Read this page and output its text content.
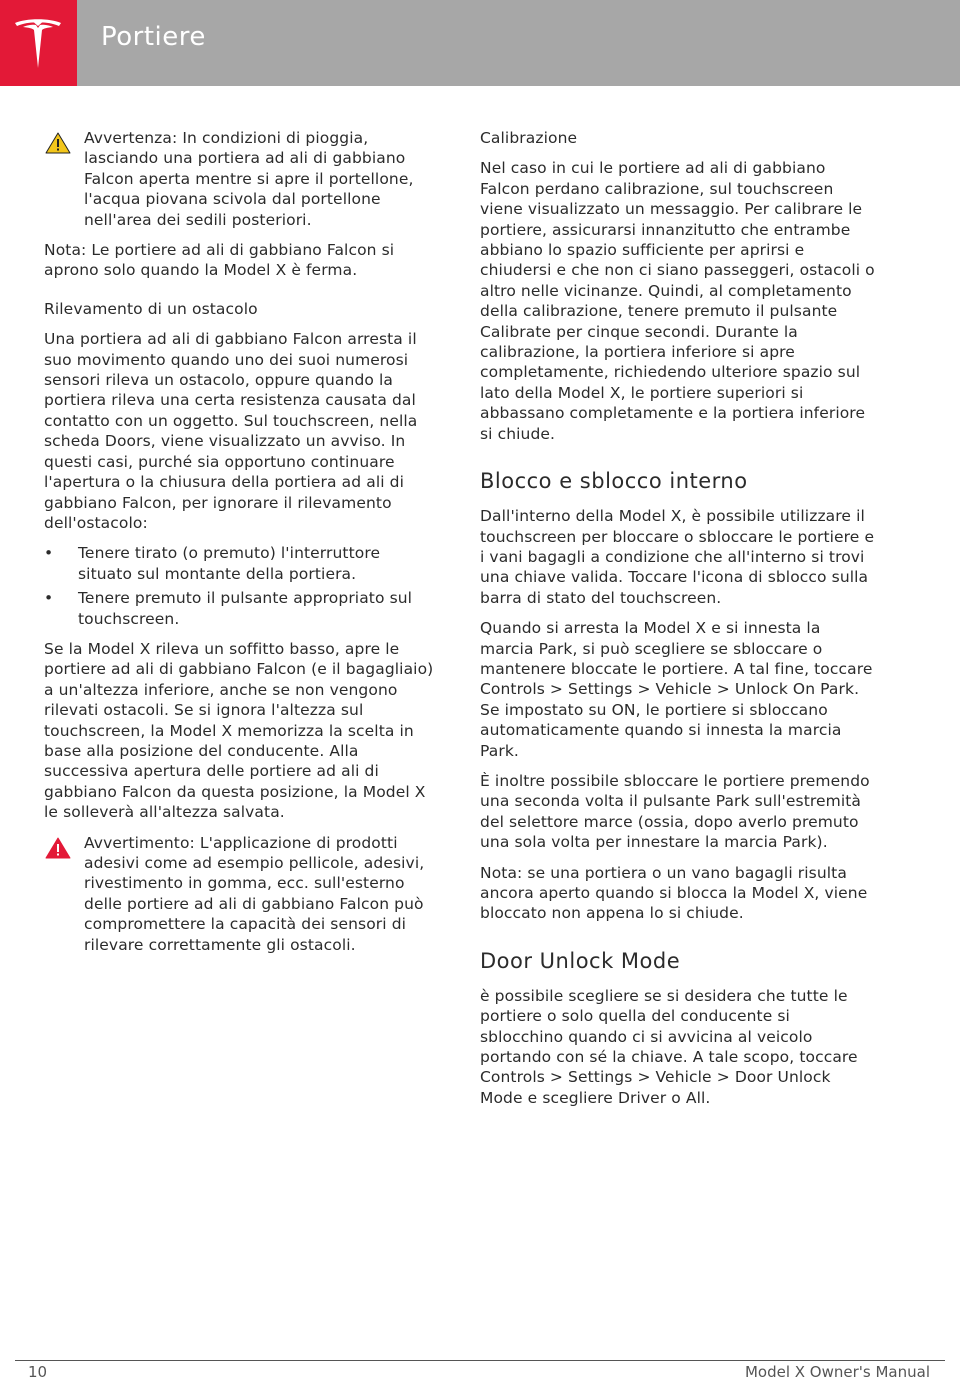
Portiere
Avvertenza: In condizioni di pioggia, lasciando una portiera ad ali di gabbiano Falcon aperta mentre si apre il portellone, l'acqua piovana scivola dal portellone nell'area dei sedili posteriori.

Nota: Le portiere ad ali di gabbiano Falcon si aprono solo quando la Model X è ferma.

Rilevamento di un ostacolo

Una portiera ad ali di gabbiano Falcon arresta il suo movimento quando uno dei suoi numerosi sensori rileva un ostacolo, oppure quando la portiera rileva una certa resistenza causata dal contatto con un oggetto. Sul touchscreen, nella scheda Doors, viene visualizzato un avviso. In questi casi, purché sia opportuno continuare l'apertura o la chiusura della portiera ad ali di gabbiano Falcon, per ignorare il rilevamento dell'ostacolo:

• Tenere tirato (o premuto) l'interruttore situato sul montante della portiera.
• Tenere premuto il pulsante appropriato sul touchscreen.

Se la Model X rileva un soffitto basso, apre le portiere ad ali di gabbiano Falcon (e il bagagliaio) a un'altezza inferiore, anche se non vengono rilevati ostacoli. Se si ignora l'altezza sul touchscreen, la Model X memorizza la scelta in base alla posizione del conducente. Alla successiva apertura delle portiere ad ali di gabbiano Falcon da questa posizione, la Model X le solleverà all'altezza salvata.

Avvertimento: L'applicazione di prodotti adesivi come ad esempio pellicole, adesivi, rivestimento in gomma, ecc. sull'esterno delle portiere ad ali di gabbiano Falcon può compromettere la capacità dei sensori di rilevare correttamente gli ostacoli.
Calibrazione

Nel caso in cui le portiere ad ali di gabbiano Falcon perdano calibrazione, sul touchscreen viene visualizzato un messaggio. Per calibrare le portiere, assicurarsi innanzitutto che entrambe abbiano lo spazio sufficiente per aprirsi e chiudersi e che non ci siano passeggeri, ostacoli o altro nelle vicinanze. Quindi, al completamento della calibrazione, tenere premuto il pulsante Calibrate per cinque secondi. Durante la calibrazione, la portiera inferiore si apre completamente, richiedendo ulteriore spazio sul lato della Model X, le portiere superiori si abbassano completamente e la portiera inferiore si chiude.

Blocco e sblocco interno

Dall'interno della Model X, è possibile utilizzare il touchscreen per bloccare o sbloccare le portiere e i vani bagagli a condizione che all'interno si trovi una chiave valida. Toccare l'icona di sblocco sulla barra di stato del touchscreen.

Quando si arresta la Model X e si innesta la marcia Park, si può scegliere se sbloccare o mantenere bloccate le portiere. A tal fine, toccare Controls > Settings > Vehicle > Unlock On Park. Se impostato su ON, le portiere si sbloccano automaticamente quando si innesta la marcia Park.

È inoltre possibile sbloccare le portiere premendo una seconda volta il pulsante Park sull'estremità del selettore marce (ossia, dopo averlo premuto una sola volta per innestare la marcia Park).

Nota: se una portiera o un vano bagagli risulta ancora aperto quando si blocca la Model X, viene bloccato non appena lo si chiude.

Door Unlock Mode

è possibile scegliere se si desidera che tutte le portiere o solo quella del conducente si sblocchino quando ci si avvicina al veicolo portando con sé la chiave. A tale scopo, toccare Controls > Settings > Vehicle > Door Unlock Mode e scegliere Driver o All.

10	Model X Owner's Manual
